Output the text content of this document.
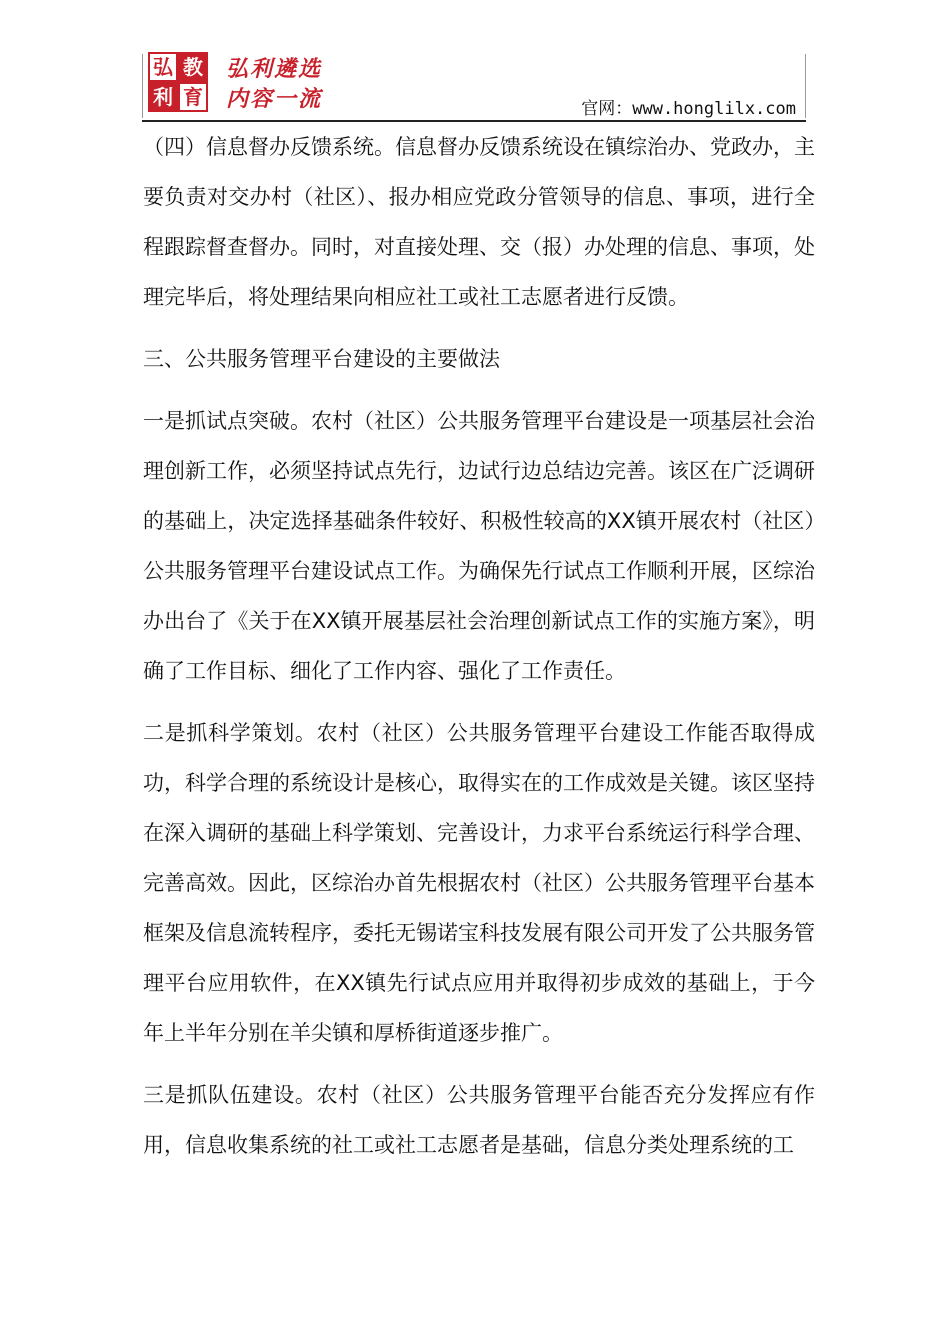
弘 教
利 育
弘利遴选
内容一流	官网：www.honglilx.com

（四）信息督办反馈系统。信息督办反馈系统设在镇综治办、党政办，主要负责对交办村（社区）、报办相应党政分管领导的信息、事项，进行全程跟踪督查督办。同时，对直接处理、交（报）办处理的信息、事项，处理完毕后，将处理结果向相应社工或社工志愿者进行反馈。

三、公共服务管理平台建设的主要做法

一是抓试点突破。农村（社区）公共服务管理平台建设是一项基层社会治理创新工作，必须坚持试点先行，边试行边总结边完善。该区在广泛调研的基础上，决定选择基础条件较好、积极性较高的XX镇开展农村（社区）公共服务管理平台建设试点工作。为确保先行试点工作顺利开展，区综治办出台了《关于在XX镇开展基层社会治理创新试点工作的实施方案》，明确了工作目标、细化了工作内容、强化了工作责任。

二是抓科学策划。农村（社区）公共服务管理平台建设工作能否取得成功，科学合理的系统设计是核心，取得实在的工作成效是关键。该区坚持在深入调研的基础上科学策划、完善设计，力求平台系统运行科学合理、完善高效。因此，区综治办首先根据农村（社区）公共服务管理平台基本框架及信息流转程序，委托无锡诺宝科技发展有限公司开发了公共服务管理平台应用软件，在XX镇先行试点应用并取得初步成效的基础上，于今年上半年分别在羊尖镇和厚桥街道逐步推广。

三是抓队伍建设。农村（社区）公共服务管理平台能否充分发挥应有作用，信息收集系统的社工或社工志愿者是基础，信息分类处理系统的工
